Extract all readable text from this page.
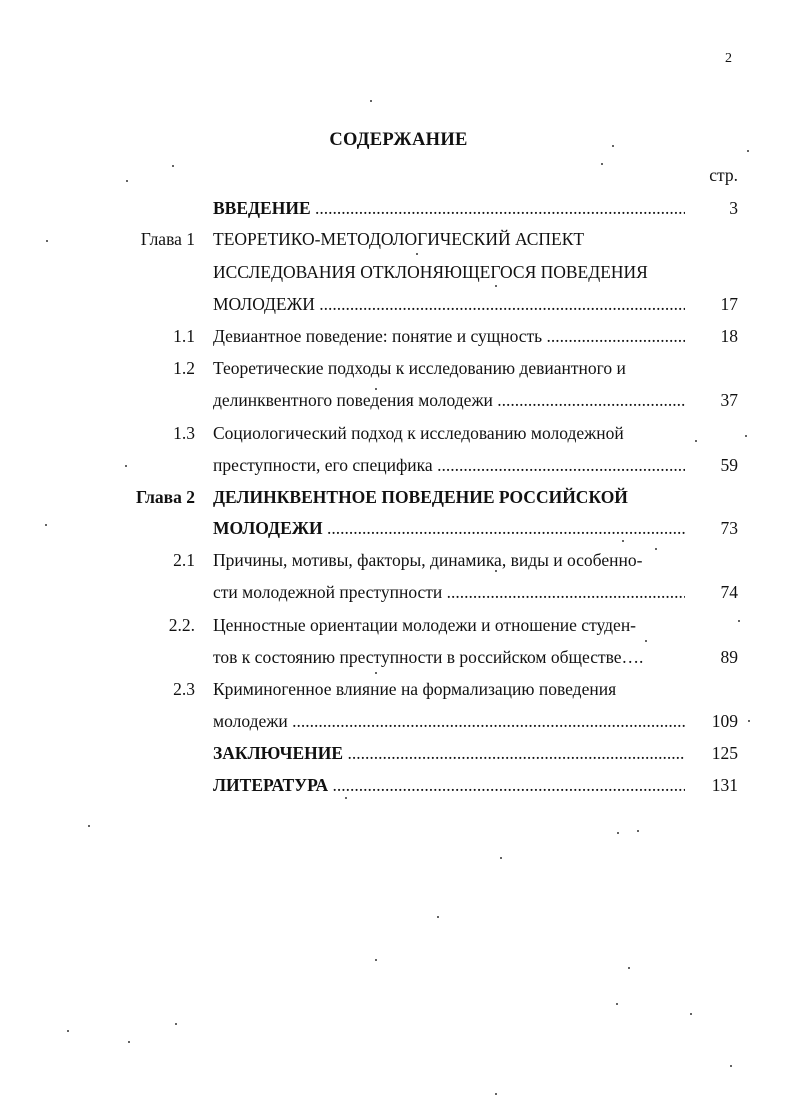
2
СОДЕРЖАНИЕ
стр.
ВВЕДЕНИЕ .....	3
Глава 1 ТЕОРЕТИКО-МЕТОДОЛОГИЧЕСКИЙ АСПЕКТ
ИССЛЕДОВАНИЯ ОТКЛОНЯЮЩЕГОСЯ ПОВЕДЕНИЯ
МОЛОДЕЖИ .....	17
1.1 Девиантное поведение: понятие и сущность .....	18
1.2 Теоретические подходы к исследованию девиантного и
делинквентного поведения молодежи .....	37
1.3 Социологический подход к исследованию молодежной
преступности, его специфика .....	59
Глава 2 ДЕЛИНКВЕНТНОЕ ПОВЕДЕНИЕ РОССИЙСКОЙ
МОЛОДЕЖИ .....	73
2.1 Причины, мотивы, факторы, динамика, виды и особенно-
сти молодежной преступности .....	74
2.2. Ценностные ориентации молодежи и отношение студен-
тов к состоянию преступности в российском обществе….	89
2.3 Криминогенное влияние на формализацию поведения
молодежи .....	109
ЗАКЛЮЧЕНИЕ .....	125
ЛИТЕРАТУРА .....	131
